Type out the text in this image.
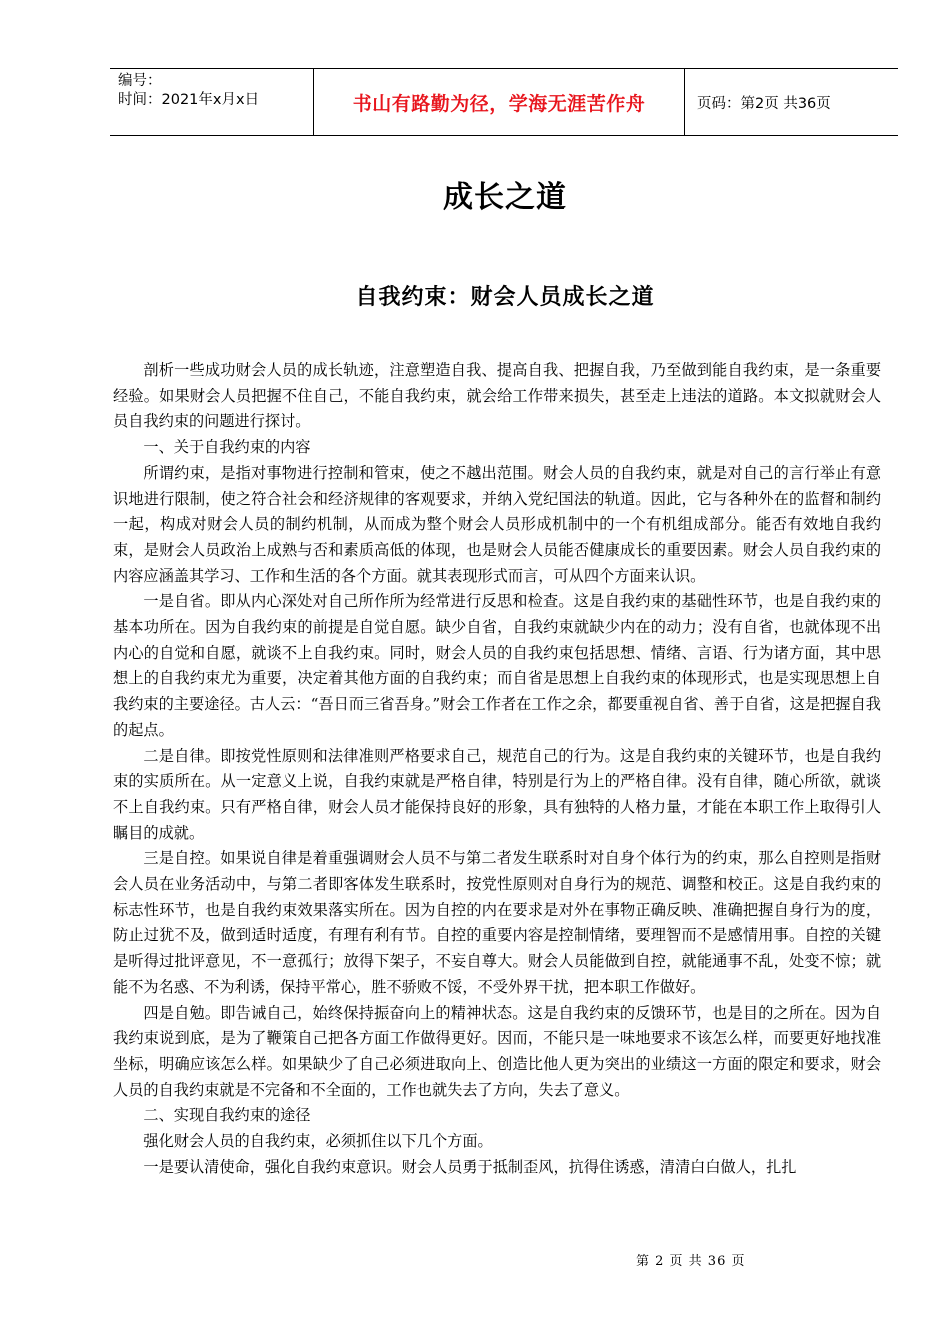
编号：
时间：2021年x月x日	书山有路勤为径，学海无涯苦作舟	页码：第2页 共36页
成长之道
自我约束：财会人员成长之道

剖析一些成功财会人员的成长轨迹，注意塑造自我、提高自我、把握自我，乃至做到能自我约束，是一条重要经验。如果财会人员把握不住自己，不能自我约束，就会给工作带来损失，甚至走上违法的道路。本文拟就财会人员自我约束的问题进行探讨。

一、关于自我约束的内容

所谓约束，是指对事物进行控制和管束，使之不越出范围。财会人员的自我约束，就是对自己的言行举止有意识地进行限制，使之符合社会和经济规律的客观要求，并纳入党纪国法的轨道。因此，它与各种外在的监督和制约一起，构成对财会人员的制约机制，从而成为整个财会人员形成机制中的一个有机组成部分。能否有效地自我约束，是财会人员政治上成熟与否和素质高低的体现，也是财会人员能否健康成长的重要因素。财会人员自我约束的内容应涵盖其学习、工作和生活的各个方面。就其表现形式而言，可从四个方面来认识。

一是自省。即从内心深处对自己所作所为经常进行反思和检查。这是自我约束的基础性环节，也是自我约束的基本功所在。因为自我约束的前提是自觉自愿。缺少自省，自我约束就缺少内在的动力；没有自省，也就体现不出内心的自觉和自愿，就谈不上自我约束。同时，财会人员的自我约束包括思想、情绪、言语、行为诸方面，其中思想上的自我约束尤为重要，决定着其他方面的自我约束；而自省是思想上自我约束的体现形式，也是实现思想上自我约束的主要途径。古人云：“吾日而三省吾身。”财会工作者在工作之余，都要重视自省、善于自省，这是把握自我的起点。

二是自律。即按党性原则和法律准则严格要求自己，规范自己的行为。这是自我约束的关键环节，也是自我约束的实质所在。从一定意义上说，自我约束就是严格自律，特别是行为上的严格自律。没有自律，随心所欲，就谈不上自我约束。只有严格自律，财会人员才能保持良好的形象，具有独特的人格力量，才能在本职工作上取得引人瞩目的成就。

三是自控。如果说自律是着重强调财会人员不与第二者发生联系时对自身个体行为的约束，那么自控则是指财会人员在业务活动中，与第二者即客体发生联系时，按党性原则对自身行为的规范、调整和校正。这是自我约束的标志性环节，也是自我约束效果落实所在。因为自控的内在要求是对外在事物正确反映、准确把握自身行为的度，防止过犹不及，做到适时适度，有理有利有节。自控的重要内容是控制情绪，要理智而不是感情用事。自控的关键是听得过批评意见，不一意孤行；放得下架子，不妄自尊大。财会人员能做到自控，就能通事不乱，处变不惊；就能不为名惑、不为利诱，保持平常心，胜不骄败不馁，不受外界干扰，把本职工作做好。

四是自勉。即告诫自己，始终保持振奋向上的精神状态。这是自我约束的反馈环节，也是目的之所在。因为自我约束说到底，是为了鞭策自己把各方面工作做得更好。因而，不能只是一味地要求不该怎么样，而要更好地找准坐标，明确应该怎么样。如果缺少了自己必须进取向上、创造比他人更为突出的业绩这一方面的限定和要求，财会人员的自我约束就是不完备和不全面的，工作也就失去了方向，失去了意义。

二、实现自我约束的途径

强化财会人员的自我约束，必须抓住以下几个方面。

一是要认清使命，强化自我约束意识。财会人员勇于抵制歪风，抗得住诱惑，清清白白做人，扎扎

第 2 页 共 36 页
